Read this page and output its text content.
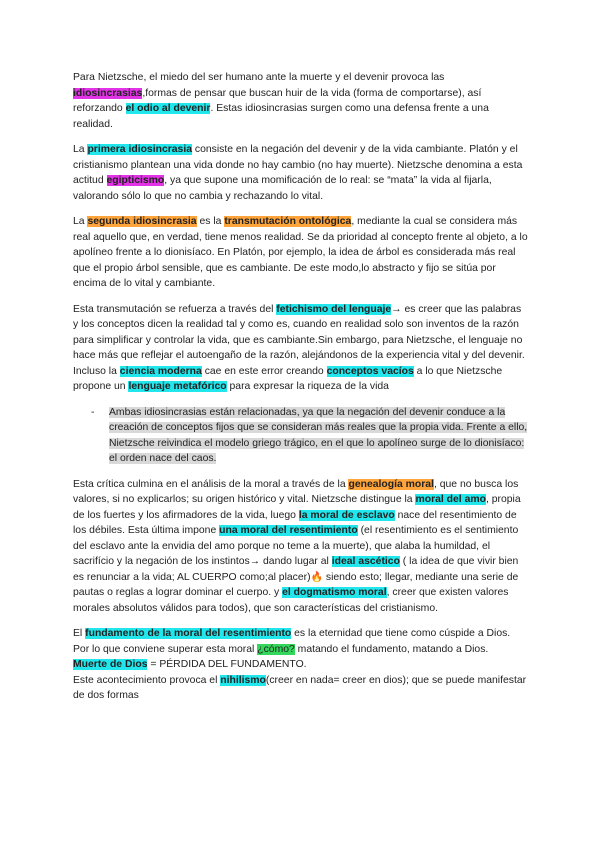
Para Nietzsche, el miedo del ser humano ante la muerte y el devenir provoca las idiosincrasias,formas de pensar que buscan huir de la vida (forma de comportarse), así reforzando el odio al devenir. Estas idiosincrasias surgen como una defensa frente a una realidad.

La primera idiosincrasia consiste en la negación del devenir y de la vida cambiante. Platón y el cristianismo plantean una vida donde no hay cambio (no hay muerte). Nietzsche denomina a esta actitud egipticismo, ya que supone una momificación de lo real: se “mata” la vida al fijarla, valorando sólo lo que no cambia y rechazando lo vital.

La segunda idiosincrasia es la transmutación ontológica, mediante la cual se considera más real aquello que, en verdad, tiene menos realidad. Se da prioridad al concepto frente al objeto, a lo apolíneo frente a lo dionisíaco. En Platón, por ejemplo, la idea de árbol es considerada más real que el propio árbol sensible, que es cambiante. De este modo,lo abstracto y fijo se sitúa por encima de lo vital y cambiante.

Esta transmutación se refuerza a través del fetichismo del lenguaje→ es creer que las palabras y los conceptos dicen la realidad tal y como es, cuando en realidad solo son inventos de la razón para simplificar y controlar la vida, que es cambiante.Sin embargo, para Nietzsche, el lenguaje no hace más que reflejar el autoengaño de la razón, alejándonos de la experiencia vital y del devenir. Incluso la ciencia moderna cae en este error creando conceptos vacíos a lo que Nietzsche propone un lenguaje metafórico para expresar la riqueza de la vida

-	Ambas idiosincrasias están relacionadas, ya que la negación del devenir conduce a la creación de conceptos fijos que se consideran más reales que la propia vida. Frente a ello, Nietzsche reivindica el modelo griego trágico, en el que lo apolíneo surge de lo dionisíaco: el orden nace del caos.

Esta crítica culmina en el análisis de la moral a través de la genealogía moral, que no busca los valores, si no explicarlos; su origen histórico y vital. Nietzsche distingue la moral del amo, propia de los fuertes y los afirmadores de la vida, luego la moral de esclavo nace del resentimiento de los débiles. Esta última impone una moral del resentimiento (el resentimiento es el sentimiento del esclavo ante la envidia del amo porque no teme a la muerte), que alaba la humildad, el sacrifício y la negación de los instintos→ dando lugar al ideal ascético ( la idea de que vivir bien es renunciar a la vida; AL CUERPO como;al placer)🔥 siendo esto; llegar, mediante una serie de pautas o reglas a lograr dominar el cuerpo. y el dogmatismo moral, creer que existen valores morales absolutos válidos para todos), que son características del cristianismo.

El fundamento de la moral del resentimiento es la eternidad que tiene como cúspide a Dios. Por lo que conviene superar esta moral ¿cómo? matando el fundamento, matando a Dios.
Muerte de Dios = PÉRDIDA DEL FUNDAMENTO.
Este acontecimiento provoca el nihilismo(creer en nada= creer en dios); que se puede manifestar de dos formas
